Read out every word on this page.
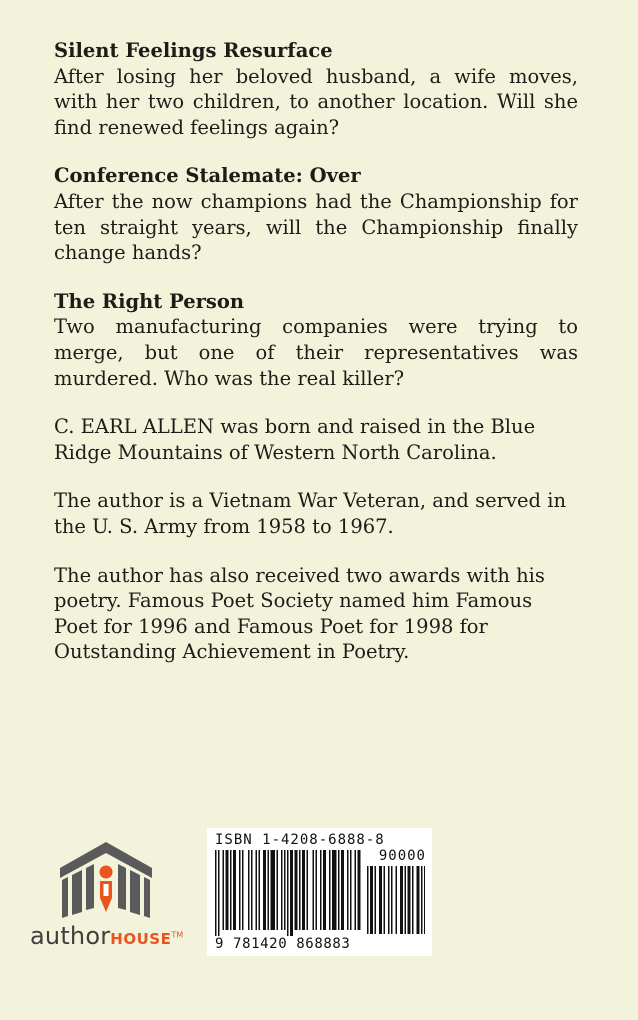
Silent Feelings Resurface

After losing her beloved husband, a wife moves, with her two children, to another location. Will she find renewed feelings again?

Conference Stalemate: Over

After the now champions had the Championship for ten straight years, will the Championship finally change hands?

The Right Person

Two manufacturing companies were trying to merge, but one of their representatives was murdered. Who was the real killer?

C. EARL ALLEN was born and raised in the Blue Ridge Mountains of Western North Carolina.

The author is a Vietnam War Veteran, and served in the U. S. Army from 1958 to 1967.

The author has also received two awards with his poetry. Famous Poet Society named him Famous Poet for 1996 and Famous Poet for 1998 for Outstanding Achievement in Poetry.

authorHOUSE™
ISBN 1-4208-6888-8
90000
9 781420 868883
